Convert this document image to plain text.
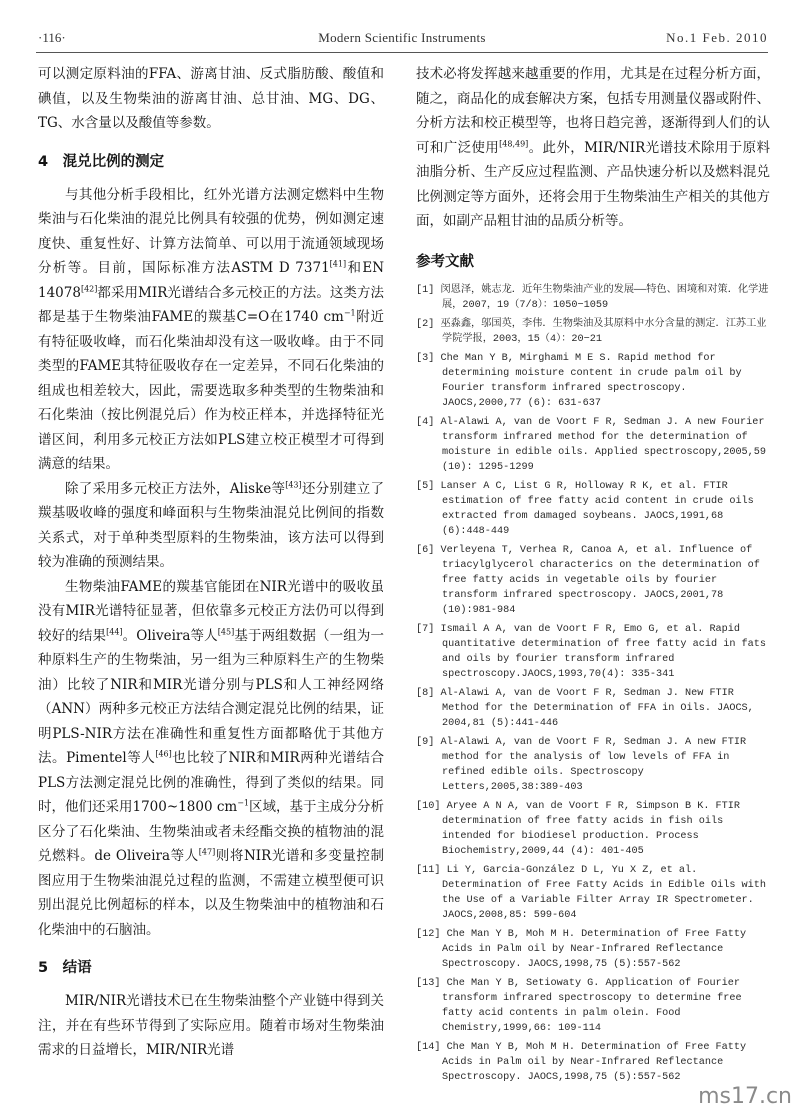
·116·	Modern Scientific Instruments	No.1 Feb. 2010

可以测定原料油的FFA、游离甘油、反式脂肪酸、酸值和碘值，以及生物柴油的游离甘油、总甘油、MG、DG、TG、水含量以及酸值等参数。

4　混兑比例的测定

与其他分析手段相比，红外光谱方法测定燃料中生物柴油与石化柴油的混兑比例具有较强的优势，例如测定速度快、重复性好、计算方法简单、可以用于流通领域现场分析等。目前，国际标准方法ASTM D 7371[41]和EN 14078[42]都采用MIR光谱结合多元校正的方法。这类方法都是基于生物柴油FAME的羰基C=O在1740 $cm^{-1}$附近有特征吸收峰，而石化柴油却没有这一吸收峰。由于不同类型的FAME其特征吸收存在一定差异，不同石化柴油的组成也相差较大，因此，需要选取多种类型的生物柴油和石化柴油（按比例混兑后）作为校正样本，并选择特征光谱区间，利用多元校正方法如PLS建立校正模型才可得到满意的结果。

除了采用多元校正方法外，Aliske等[43]还分别建立了羰基吸收峰的强度和峰面积与生物柴油混兑比例间的指数关系式，对于单种类型原料的生物柴油，该方法可以得到较为准确的预测结果。

生物柴油FAME的羰基官能团在NIR光谱中的吸收虽没有MIR光谱特征显著，但依靠多元校正方法仍可以得到较好的结果[44]。Oliveira等人[45]基于两组数据（一组为一种原料生产的生物柴油，另一组为三种原料生产的生物柴油）比较了NIR和MIR光谱分别与PLS和人工神经网络（ANN）两种多元校正方法结合测定混兑比例的结果，证明PLS-NIR方法在准确性和重复性方面都略优于其他方法。Pimentel等人[46]也比较了NIR和MIR两种光谱结合PLS方法测定混兑比例的准确性，得到了类似的结果。同时，他们还采用1700~1800 $cm^{-1}$区域，基于主成分分析区分了石化柴油、生物柴油或者未经酯交换的植物油的混兑燃料。de Oliveira等人[47]则将NIR光谱和多变量控制图应用于生物柴油混兑过程的监测，不需建立模型便可识别出混兑比例超标的样本，以及生物柴油中的植物油和石化柴油中的石脑油。

5　结语

MIR/NIR光谱技术已在生物柴油整个产业链中得到关注，并在有些环节得到了实际应用。随着市场对生物柴油需求的日益增长，MIR/NIR光谱

技术必将发挥越来越重要的作用，尤其是在过程分析方面，随之，商品化的成套解决方案，包括专用测量仪器或附件、分析方法和校正模型等，也将日趋完善，逐渐得到人们的认可和广泛使用[48,49]。此外，MIR/NIR光谱技术除用于原料油脂分析、生产反应过程监测、产品快速分析以及燃料混兑比例测定等方面外，还将会用于生物柴油生产相关的其他方面，如副产品粗甘油的品质分析等。

参考文献
[1] 闵恩泽，姚志龙．近年生物柴油产业的发展——特色、困境和对策．化学进展，2007，19（7/8）：1050−1059
[2] 巫淼鑫，邬国英，李伟．生物柴油及其原料中水分含量的测定．江苏工业学院学报，2003，15（4）：20−21
[3] Che Man Y B, Mirghami M E S. Rapid method for determining moisture content in crude palm oil by Fourier transform infrared spectroscopy. JAOCS,2000,77 (6): 631-637
[4] Al-Alawi A, van de Voort F R, Sedman J. A new Fourier transform infrared method for the determination of moisture in edible oils. Applied spectroscopy,2005,59 (10): 1295-1299
[5] Lanser A C, List G R, Holloway R K, et al. FTIR estimation of free fatty acid content in crude oils extracted from damaged soybeans. JAOCS,1991,68 (6):448-449
[6] Verleyena T, Verhea R, Canoa A, et al. Influence of triacylglycerol characterics on the determination of free fatty acids in vegetable oils by fourier transform infrared spectroscopy. JAOCS,2001,78 (10):981-984
[7] Ismail A A, van de Voort F R, Emo G, et al. Rapid quantitative determination of free fatty acid in fats and oils by fourier transform infrared spectroscopy.JAOCS,1993,70(4): 335-341
[8] Al-Alawi A, van de Voort F R, Sedman J. New FTIR Method for the Determination of FFA in Oils. JAOCS, 2004,81 (5):441-446
[9] Al-Alawi A, van de Voort F R, Sedman J. A new FTIR method for the analysis of low levels of FFA in refined edible oils. Spectroscopy Letters,2005,38:389-403
[10] Aryee A N A, van de Voort F R, Simpson B K. FTIR determination of free fatty acids in fish oils intended for biodiesel production. Process Biochemistry,2009,44 (4): 401-405
[11] Li Y, Garcia-González D L, Yu X Z, et al. Determination of Free Fatty Acids in Edible Oils with the Use of a Variable Filter Array IR Spectrometer. JAOCS,2008,85: 599-604
[12] Che Man Y B, Moh M H. Determination of Free Fatty Acids in Palm oil by Near-Infrared Reflectance Spectroscopy. JAOCS,1998,75 (5):557-562
[13] Che Man Y B, Setiowaty G. Application of Fourier transform infrared spectroscopy to determine free fatty acid contents in palm olein. Food Chemistry,1999,66: 109-114
[14] Che Man Y B, Moh M H. Determination of Free Fatty Acids in Palm oil by Near-Infrared Reflectance Spectroscopy. JAOCS,1998,75 (5):557-562
ms17.cn
